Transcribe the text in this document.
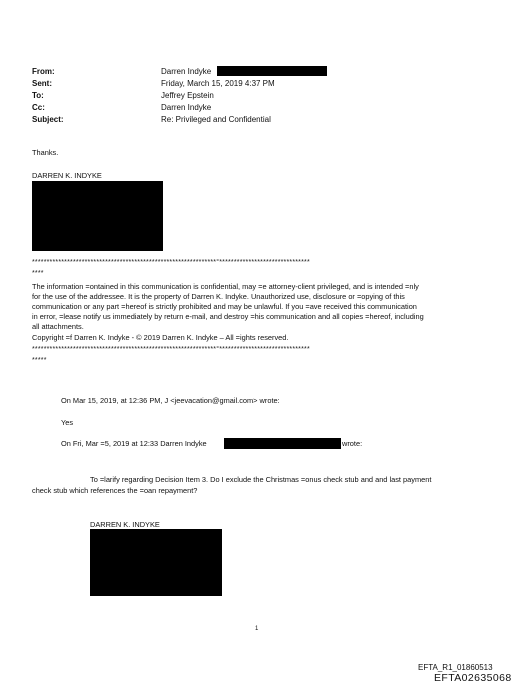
From:	Darren Indyke
Sent:	Friday, March 15, 2019 4:37 PM
To:	Jeffrey Epstein
Cc:	Darren Indyke
Subject:	Re: Privileged and Confidential
Thanks.
DARREN K. INDYKE
***************************************************************°*******************************
****
The information =ontained in this communication is confidential, may =e attorney-client privileged, and is intended =nly
for the use of the addressee. It is the property of Darren K. Indyke. Unauthorized use, disclosure or =opying of this
communication or any part =hereof is strictly prohibited and may be unlawful. If you =ave received this communication
in error, =lease notify us immediately by return e-mail, and destroy =his communication and all copies =hereof, including
all attachments.
Copyright =f Darren K. Indyke - © 2019 Darren K. Indyke – All =ights reserved.
***************************************************************°*******************************
*****
On Mar 15, 2019, at 12:36 PM, J <jeevacation@gmail.com> wrote:
Yes
On Fri, Mar =5, 2019 at 12:33 Darren Indyke	wrote:
To =larify regarding Decision Item 3. Do I exclude the Christmas =onus check stub and and last payment
check stub which references the =oan repayment?
DARREN K. INDYKE
1
EFTA_R1_01860513
EFTA02635068
